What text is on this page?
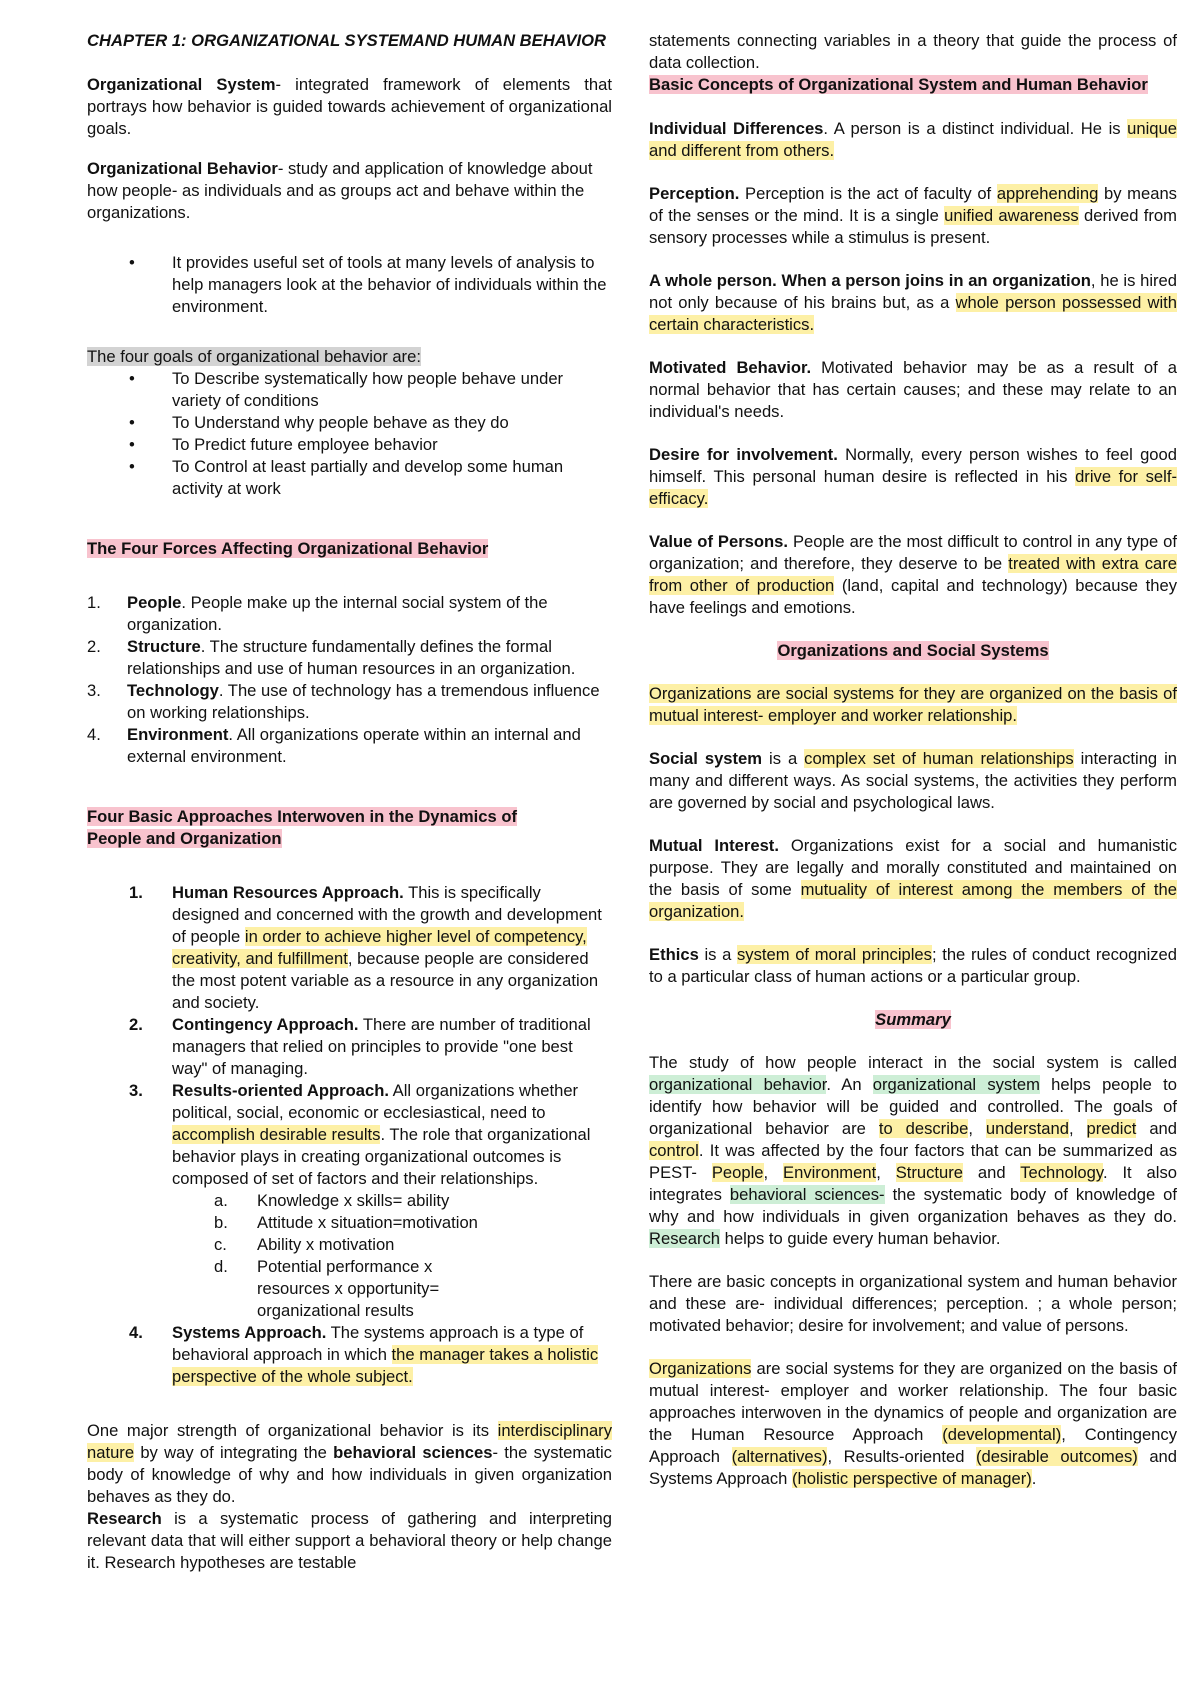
CHAPTER 1: ORGANIZATIONAL SYSTEMAND HUMAN BEHAVIOR

Organizational System- integrated framework of elements that portrays how behavior is guided towards achievement of organizational goals.

Organizational Behavior- study and application of knowledge about how people- as individuals and as groups act and behave within the organizations.

•	It provides useful set of tools at many levels of analysis to help managers look at the behavior of individuals within the environment.

The four goals of organizational behavior are:

•	To Describe systematically how people behave under variety of conditions
•	To Understand why people behave as they do
•	To Predict future employee behavior
•	To Control at least partially and develop some human activity at work

The Four Forces Affecting Organizational Behavior

1.	People. People make up the internal social system of the organization.
2.	Structure. The structure fundamentally defines the formal relationships and use of human resources in an organization.
3.	Technology. The use of technology has a tremendous influence on working relationships.
4.	Environment. All organizations operate within an internal and external environment.

Four Basic Approaches Interwoven in the Dynamics of
People and Organization

1.	Human Resources Approach. This is specifically designed and concerned with the growth and development of people in order to achieve higher level of competency, creativity, and fulfillment, because people are considered the most potent variable as a resource in any organization and society.
2.	Contingency Approach. There are number of traditional managers that relied on principles to provide "one best way" of managing.
3.	Results-oriented Approach. All organizations whether political, social, economic or ecclesiastical, need to accomplish desirable results. The role that organizational behavior plays in creating organizational outcomes is composed of set of factors and their relationships.
a.	Knowledge x skills= ability
b.	Attitude x situation=motivation
c.	Ability x motivation
d.	Potential performance x resources x opportunity= organizational results
4.	Systems Approach. The systems approach is a type of behavioral approach in which the manager takes a holistic perspective of the whole subject.

One major strength of organizational behavior is its interdisciplinary nature by way of integrating the behavioral sciences- the systematic body of knowledge of why and how individuals in given organization behaves as they do.

Research is a systematic process of gathering and interpreting relevant data that will either support a behavioral theory or help change it. Research hypotheses are testable

statements connecting variables in a theory that guide the process of data collection.

Basic Concepts of Organizational System and Human Behavior

Individual Differences. A person is a distinct individual. He is unique and different from others.

Perception. Perception is the act of faculty of apprehending by means of the senses or the mind. It is a single unified awareness derived from sensory processes while a stimulus is present.

A whole person. When a person joins in an organization, he is hired not only because of his brains but, as a whole person possessed with certain characteristics.

Motivated Behavior. Motivated behavior may be as a result of a normal behavior that has certain causes; and these may relate to an individual's needs.

Desire for involvement. Normally, every person wishes to feel good himself. This personal human desire is reflected in his drive for self-efficacy.

Value of Persons. People are the most difficult to control in any type of organization; and therefore, they deserve to be treated with extra care from other of production (land, capital and technology) because they have feelings and emotions.

Organizations and Social Systems

Organizations are social systems for they are organized on the basis of mutual interest- employer and worker relationship.

Social system is a complex set of human relationships interacting in many and different ways. As social systems, the activities they perform are governed by social and psychological laws.

Mutual Interest. Organizations exist for a social and humanistic purpose. They are legally and morally constituted and maintained on the basis of some mutuality of interest among the members of the organization.

Ethics is a system of moral principles; the rules of conduct recognized to a particular class of human actions or a particular group.

Summary

The study of how people interact in the social system is called organizational behavior. An organizational system helps people to identify how behavior will be guided and controlled. The goals of organizational behavior are to describe, understand, predict and control. It was affected by the four factors that can be summarized as PEST- People, Environment, Structure and Technology. It also integrates behavioral sciences- the systematic body of knowledge of why and how individuals in given organization behaves as they do. Research helps to guide every human behavior.

There are basic concepts in organizational system and human behavior and these are- individual differences; perception. ; a whole person; motivated behavior; desire for involvement; and value of persons.

Organizations are social systems for they are organized on the basis of mutual interest- employer and worker relationship. The four basic approaches interwoven in the dynamics of people and organization are the Human Resource Approach (developmental), Contingency Approach (alternatives), Results-oriented (desirable outcomes) and Systems Approach (holistic perspective of manager).
